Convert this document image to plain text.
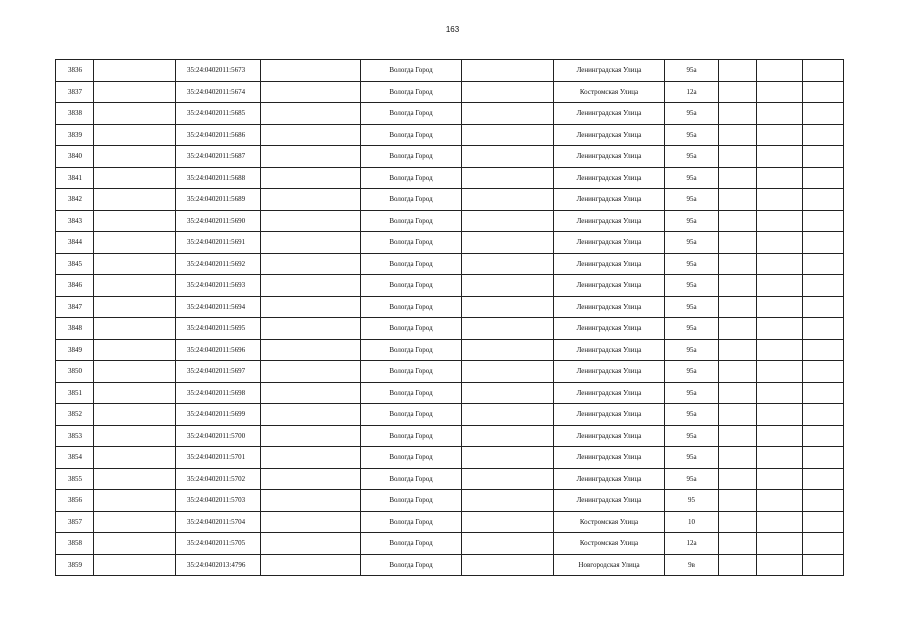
163
3836		35:24:0402011:5673		Вологда Город		Ленинградская Улица	95а			
3837		35:24:0402011:5674		Вологда Город		Костромская Улица	12а			
3838		35:24:0402011:5685		Вологда Город		Ленинградская Улица	95а			
3839		35:24:0402011:5686		Вологда Город		Ленинградская Улица	95а			
3840		35:24:0402011:5687		Вологда Город		Ленинградская Улица	95а			
3841		35:24:0402011:5688		Вологда Город		Ленинградская Улица	95а			
3842		35:24:0402011:5689		Вологда Город		Ленинградская Улица	95а			
3843		35:24:0402011:5690		Вологда Город		Ленинградская Улица	95а			
3844		35:24:0402011:5691		Вологда Город		Ленинградская Улица	95а			
3845		35:24:0402011:5692		Вологда Город		Ленинградская Улица	95а			
3846		35:24:0402011:5693		Вологда Город		Ленинградская Улица	95а			
3847		35:24:0402011:5694		Вологда Город		Ленинградская Улица	95а			
3848		35:24:0402011:5695		Вологда Город		Ленинградская Улица	95а			
3849		35:24:0402011:5696		Вологда Город		Ленинградская Улица	95а			
3850		35:24:0402011:5697		Вологда Город		Ленинградская Улица	95а			
3851		35:24:0402011:5698		Вологда Город		Ленинградская Улица	95а			
3852		35:24:0402011:5699		Вологда Город		Ленинградская Улица	95а			
3853		35:24:0402011:5700		Вологда Город		Ленинградская Улица	95а			
3854		35:24:0402011:5701		Вологда Город		Ленинградская Улица	95а			
3855		35:24:0402011:5702		Вологда Город		Ленинградская Улица	95а			
3856		35:24:0402011:5703		Вологда Город		Ленинградская Улица	95			
3857		35:24:0402011:5704		Вологда Город		Костромская Улица	10			
3858		35:24:0402011:5705		Вологда Город		Костромская Улица	12а			
3859		35:24:0402013:4796		Вологда Город		Новгородская Улица	9в			
